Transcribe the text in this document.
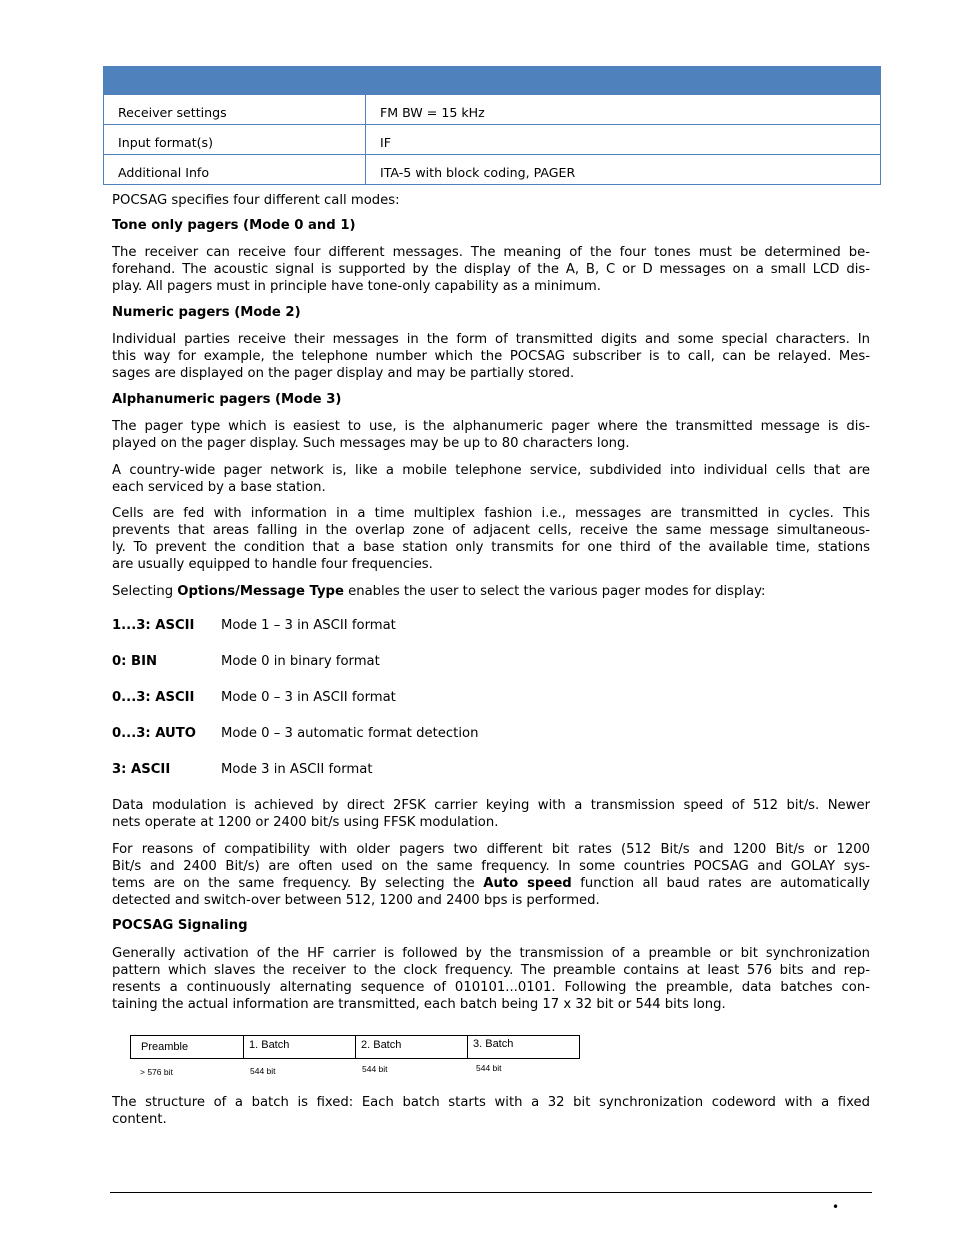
Receiver settings	FM BW = 15 kHz
Input format(s)	IF
Additional Info	ITA-5 with block coding, PAGER

POCSAG specifies four different call modes:

Tone only pagers (Mode 0 and 1)

The receiver can receive four different messages. The meaning of the four tones must be determined be-

forehand. The acoustic signal is supported by the display of the A, B, C or D messages on a small LCD dis-

play. All pagers must in principle have tone-only capability as a minimum.

Numeric pagers (Mode 2)

Individual parties receive their messages in the form of transmitted digits and some special characters. In

this way for example, the telephone number which the POCSAG subscriber is to call, can be relayed. Mes-

sages are displayed on the pager display and may be partially stored.

Alphanumeric pagers (Mode 3)

The pager type which is easiest to use, is the alphanumeric pager where the transmitted message is dis-

played on the pager display. Such messages may be up to 80 characters long.

A country-wide pager network is, like a mobile telephone service, subdivided into individual cells that are

each serviced by a base station.

Cells are fed with information in a time multiplex fashion i.e., messages are transmitted in cycles. This

prevents that areas falling in the overlap zone of adjacent cells, receive the same message simultaneous-

ly. To prevent the condition that a base station only transmits for one third of the available time, stations

are usually equipped to handle four frequencies.

Selecting Options/Message Type enables the user to select the various pager modes for display:

1...3: ASCII	Mode 1 – 3 in ASCII format
0: BIN	Mode 0 in binary format
0...3: ASCII	Mode 0 – 3 in ASCII format
0...3: AUTO	Mode 0 – 3 automatic format detection
3: ASCII	Mode 3 in ASCII format

Data modulation is achieved by direct 2FSK carrier keying with a transmission speed of 512 bit/s. Newer

nets operate at 1200 or 2400 bit/s using FFSK modulation.

For reasons of compatibility with older pagers two different bit rates (512 Bit/s and 1200 Bit/s or 1200

Bit/s and 2400 Bit/s) are often used on the same frequency. In some countries POCSAG and GOLAY sys-

tems are on the same frequency. By selecting the Auto speed function all baud rates are automatically

detected and switch-over between 512, 1200 and 2400 bps is performed.

POCSAG Signaling

Generally activation of the HF carrier is followed by the transmission of a preamble or bit synchronization

pattern which slaves the receiver to the clock frequency. The preamble contains at least 576 bits and rep-

resents a continuously alternating sequence of 010101...0101. Following the preamble, data batches con-

taining the actual information are transmitted, each batch being 17 x 32 bit or 544 bits long.

Preamble	1. Batch	2. Batch	3. Batch
> 576 bit	544 bit	544 bit	544 bit

The structure of a batch is fixed: Each batch starts with a 32 bit synchronization codeword with a fixed

content.

•
